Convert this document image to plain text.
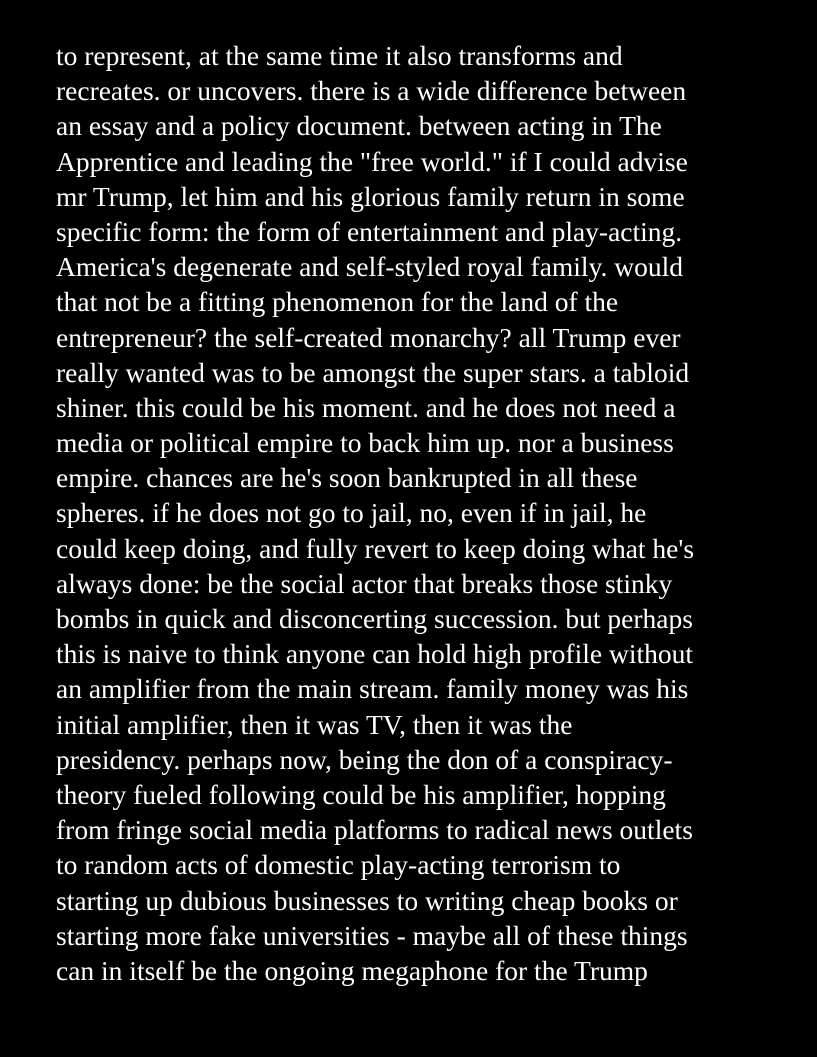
to represent, at the same time it also transforms and
recreates. or uncovers. there is a wide difference between
an essay and a policy document. between acting in The
Apprentice and leading the "free world." if I could advise
mr Trump, let him and his glorious family return in some
specific form: the form of entertainment and play-acting.
America's degenerate and self-styled royal family. would
that not be a fitting phenomenon for the land of the
entrepreneur? the self-created monarchy? all Trump ever
really wanted was to be amongst the super stars. a tabloid
shiner. this could be his moment. and he does not need a
media or political empire to back him up. nor a business
empire. chances are he's soon bankrupted in all these
spheres. if he does not go to jail, no, even if in jail, he
could keep doing, and fully revert to keep doing what he's
always done: be the social actor that breaks those stinky
bombs in quick and disconcerting succession. but perhaps
this is naive to think anyone can hold high profile without
an amplifier from the main stream. family money was his
initial amplifier, then it was TV, then it was the
presidency. perhaps now, being the don of a conspiracy-
theory fueled following could be his amplifier, hopping
from fringe social media platforms to radical news outlets
to random acts of domestic play-acting terrorism to
starting up dubious businesses to writing cheap books or
starting more fake universities - maybe all of these things
can in itself be the ongoing megaphone for the Trump
